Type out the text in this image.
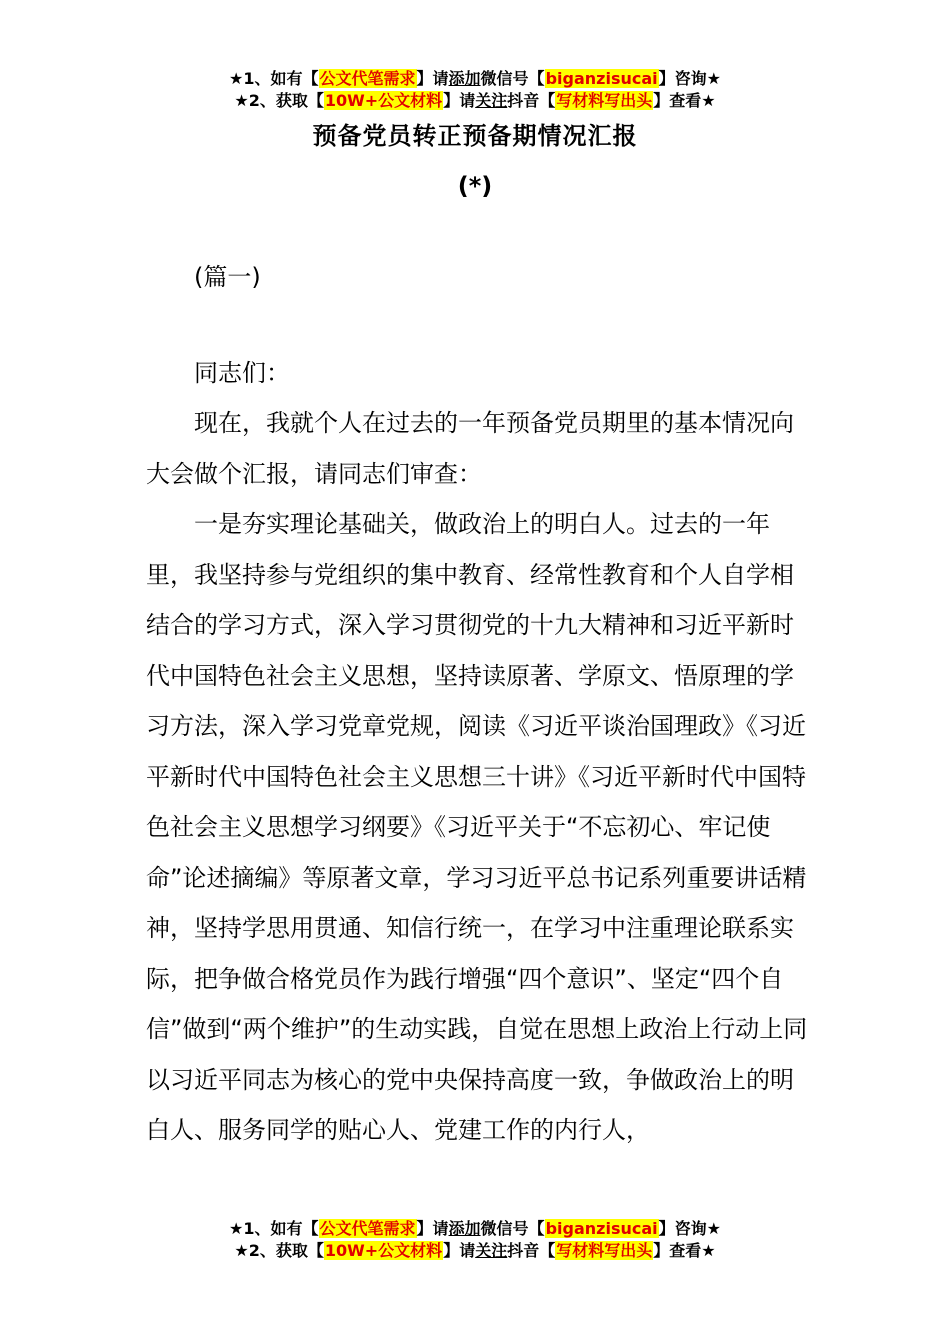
★1、如有【公文代笔需求】请添加微信号【biganzisucai】咨询★
★2、获取【10W+公文材料】请关注抖音【写材料写出头】查看★
预备党员转正预备期情况汇报
(*)

(篇一)

同志们：

现在，我就个人在过去的一年预备党员期里的基本情况向大会做个汇报，请同志们审查：

一是夯实理论基础关，做政治上的明白人。过去的一年里，我坚持参与党组织的集中教育、经常性教育和个人自学相结合的学习方式，深入学习贯彻党的十九大精神和习近平新时代中国特色社会主义思想，坚持读原著、学原文、悟原理的学习方法，深入学习党章党规，阅读《习近平谈治国理政》《习近平新时代中国特色社会主义思想三十讲》《习近平新时代中国特色社会主义思想学习纲要》《习近平关于“不忘初心、牢记使命”论述摘编》等原著文章，学习习近平总书记系列重要讲话精神，坚持学思用贯通、知信行统一，在学习中注重理论联系实际，把争做合格党员作为践行增强“四个意识”、坚定“四个自信”做到“两个维护”的生动实践，自觉在思想上政治上行动上同以习近平同志为核心的党中央保持高度一致，争做政治上的明白人、服务同学的贴心人、党建工作的内行人，

★1、如有【公文代笔需求】请添加微信号【biganzisucai】咨询★
★2、获取【10W+公文材料】请关注抖音【写材料写出头】查看★
